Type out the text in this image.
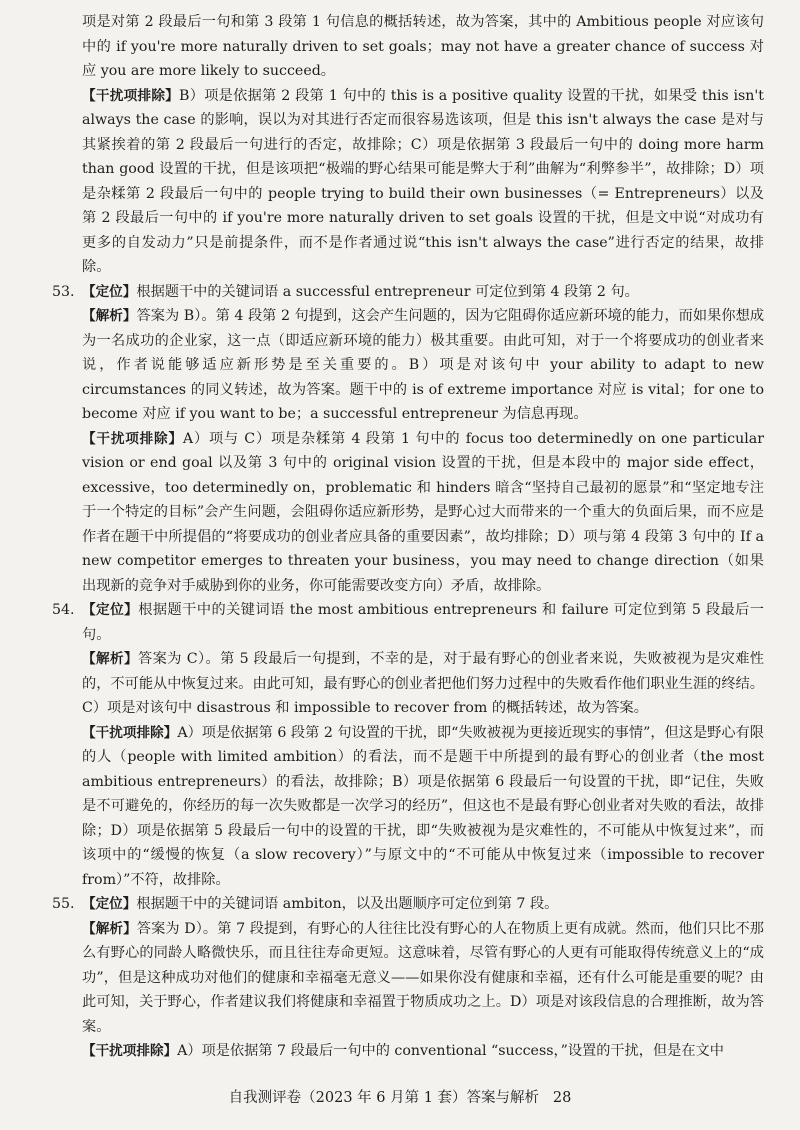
项是对第 2 段最后一句和第 3 段第 1 句信息的概括转述，故为答案，其中的 Ambitious people 对应该句中的 if you're more naturally driven to set goals；may not have a greater chance of success 对应 you are more likely to succeed。

【干扰项排除】B）项是依据第 2 段第 1 句中的 this is a positive quality 设置的干扰，如果受 this isn't always the case 的影响，误以为对其进行否定而很容易选该项，但是 this isn't always the case 是对与其紧挨着的第 2 段最后一句进行的否定，故排除；C）项是依据第 3 段最后一句中的 doing more harm than good 设置的干扰，但是该项把“极端的野心结果可能是弊大于利”曲解为“利弊参半”，故排除；D）项是杂糅第 2 段最后一句中的 people trying to build their own businesses（= Entrepreneurs）以及第 2 段最后一句中的 if you're more naturally driven to set goals 设置的干扰，但是文中说“对成功有更多的自发动力”只是前提条件，而不是作者通过说“this isn't always the case”进行否定的结果，故排除。

53. 【定位】根据题干中的关键词语 a successful entrepreneur 可定位到第 4 段第 2 句。

【解析】答案为 B）。第 4 段第 2 句提到，这会产生问题的，因为它阻碍你适应新环境的能力，而如果你想成为一名成功的企业家，这一点（即适应新环境的能力）极其重要。由此可知，对于一个将要成功的创业者来说，作者说能够适应新形势是至关重要的。B）项是对该句中 your ability to adapt to new circumstances 的同义转述，故为答案。题干中的 is of extreme importance 对应 is vital；for one to become 对应 if you want to be；a successful entrepreneur 为信息再现。

【干扰项排除】A）项与 C）项是杂糅第 4 段第 1 句中的 focus too determinedly on one particular vision or end goal 以及第 3 句中的 original vision 设置的干扰，但是本段中的 major side effect，excessive，too determinedly on，problematic 和 hinders 暗含“坚持自己最初的愿景”和“坚定地专注于一个特定的目标”会产生问题，会阻碍你适应新形势，是野心过大而带来的一个重大的负面后果，而不应是作者在题干中所提倡的“将要成功的创业者应具备的重要因素”，故均排除；D）项与第 4 段第 3 句中的 If a new competitor emerges to threaten your business，you may need to change direction（如果出现新的竞争对手威胁到你的业务，你可能需要改变方向）矛盾，故排除。

54. 【定位】根据题干中的关键词语 the most ambitious entrepreneurs 和 failure 可定位到第 5 段最后一句。

【解析】答案为 C）。第 5 段最后一句提到，不幸的是，对于最有野心的创业者来说，失败被视为是灾难性的，不可能从中恢复过来。由此可知，最有野心的创业者把他们努力过程中的失败看作他们职业生涯的终结。C）项是对该句中 disastrous 和 impossible to recover from 的概括转述，故为答案。

【干扰项排除】A）项是依据第 6 段第 2 句设置的干扰，即“失败被视为更接近现实的事情”，但这是野心有限的人（people with limited ambition）的看法，而不是题干中所提到的最有野心的创业者（the most ambitious entrepreneurs）的看法，故排除；B）项是依据第 6 段最后一句设置的干扰，即“记住，失败是不可避免的，你经历的每一次失败都是一次学习的经历”，但这也不是最有野心创业者对失败的看法，故排除；D）项是依据第 5 段最后一句中的设置的干扰，即“失败被视为是灾难性的，不可能从中恢复过来”，而该项中的“缓慢的恢复（a slow recovery）”与原文中的“不可能从中恢复过来（impossible to recover from）”不符，故排除。

55. 【定位】根据题干中的关键词语 ambiton，以及出题顺序可定位到第 7 段。

【解析】答案为 D）。第 7 段提到，有野心的人往往比没有野心的人在物质上更有成就。然而，他们只比不那么有野心的同龄人略微快乐，而且往往寿命更短。这意味着，尽管有野心的人更有可能取得传统意义上的“成功”，但是这种成功对他们的健康和幸福毫无意义——如果你没有健康和幸福，还有什么可能是重要的呢？由此可知，关于野心，作者建议我们将健康和幸福置于物质成功之上。D）项是对该段信息的合理推断，故为答案。

【干扰项排除】A）项是依据第 7 段最后一句中的 conventional “success，”设置的干扰，但是在文中

自我测评卷（2023 年 6 月第 1 套）答案与解析 28
